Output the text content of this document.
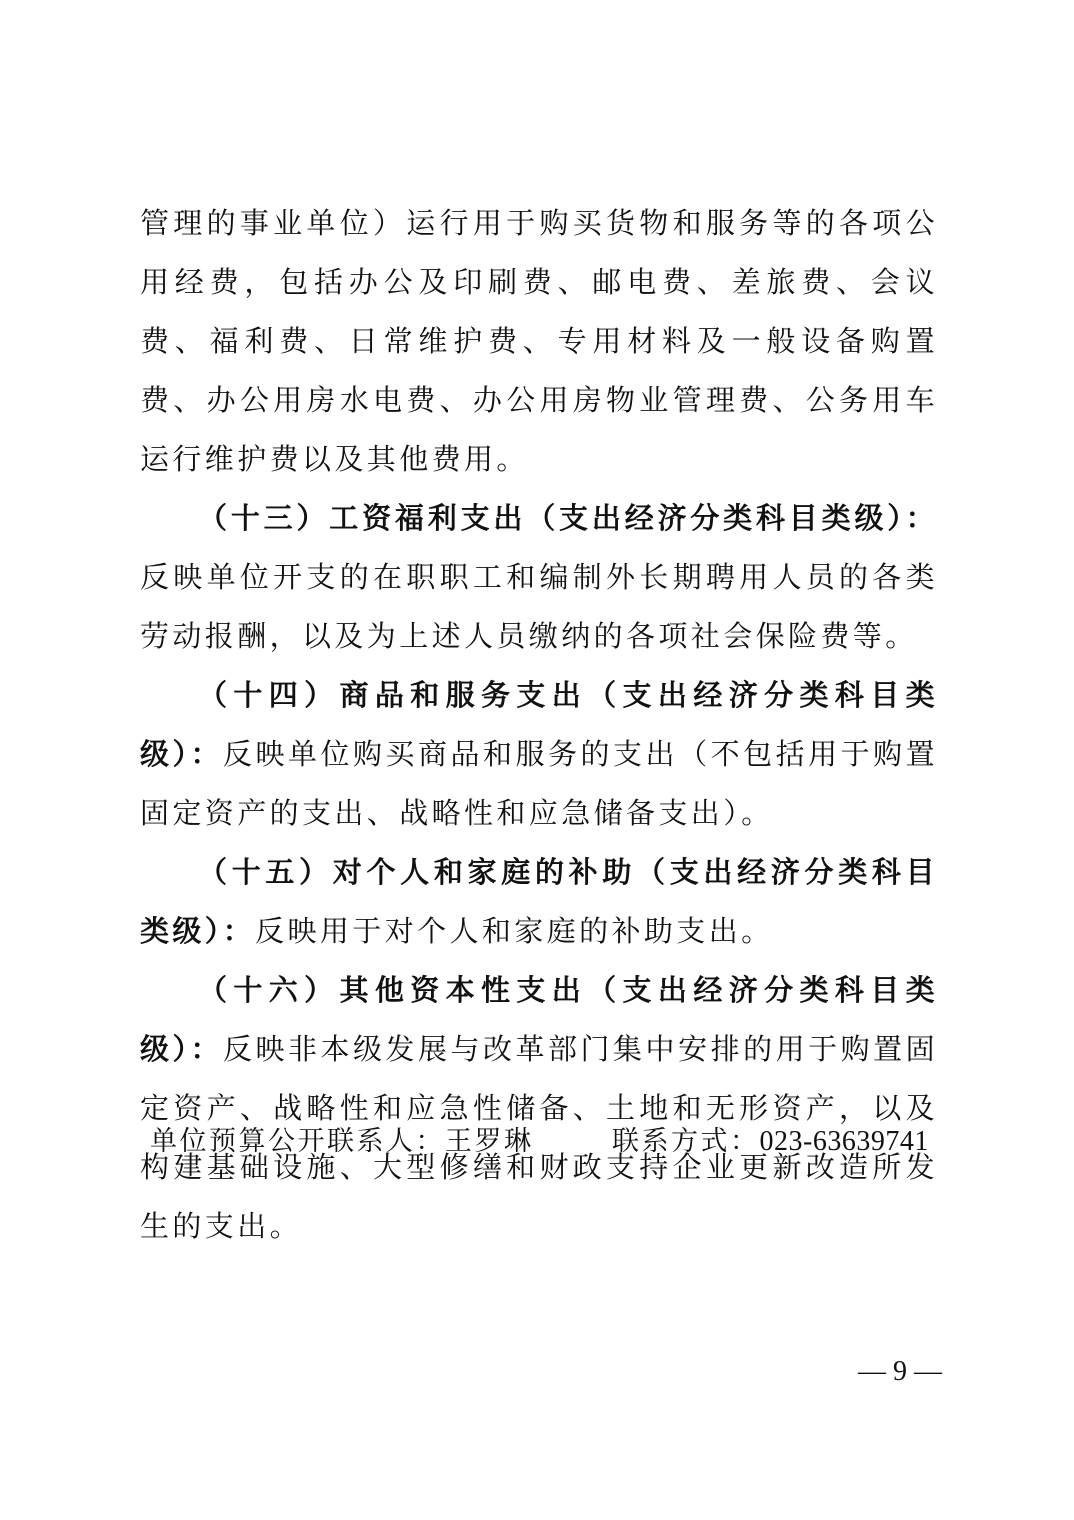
管理的事业单位）运行用于购买货物和服务等的各项公用经费，包括办公及印刷费、邮电费、差旅费、会议费、福利费、日常维护费、专用材料及一般设备购置费、办公用房水电费、办公用房物业管理费、公务用车运行维护费以及其他费用。

（十三）工资福利支出（支出经济分类科目类级）：反映单位开支的在职职工和编制外长期聘用人员的各类劳动报酬，以及为上述人员缴纳的各项社会保险费等。

（十四）商品和服务支出（支出经济分类科目类级）：反映单位购买商品和服务的支出（不包括用于购置固定资产的支出、战略性和应急储备支出）。

（十五）对个人和家庭的补助（支出经济分类科目类级）：反映用于对个人和家庭的补助支出。

（十六）其他资本性支出（支出经济分类科目类级）：反映非本级发展与改革部门集中安排的用于购置固定资产、战略性和应急性储备、土地和无形资产，以及构建基础设施、大型修缮和财政支持企业更新改造所发生的支出。

单位预算公开联系人：王罗琳	联系方式：023-63639741
— 9 —
